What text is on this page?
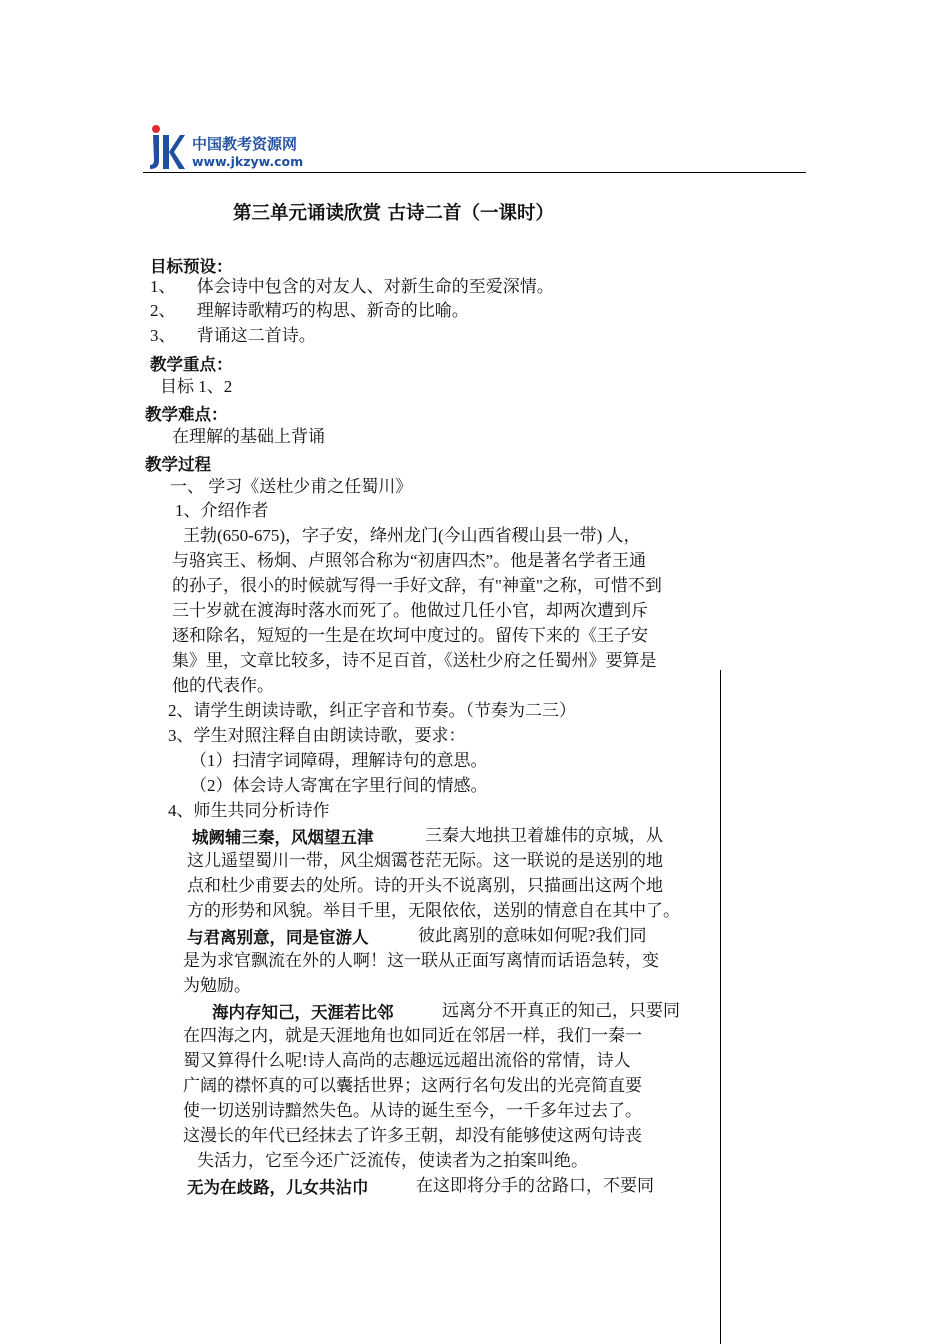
中国教考资源网
www.jkzyw.com
第三单元诵读欣赏 古诗二首（一课时）
目标预设：
1、     体会诗中包含的对友人、对新生命的至爱深情。
2、     理解诗歌精巧的构思、新奇的比喻。
3、     背诵这二首诗。
教学重点：
目标 1、2
教学难点：
在理解的基础上背诵
教学过程
一、 学习《送杜少甫之任蜀川》
1、介绍作者
王勃(650-675)，字子安，绛州龙门(今山西省稷山县一带) 人，
与骆宾王、杨炯、卢照邻合称为“初唐四杰”。他是著名学者王通
的孙子，很小的时候就写得一手好文辞，有"神童"之称，可惜不到
三十岁就在渡海时落水而死了。他做过几任小官，却两次遭到斥
逐和除名，短短的一生是在坎坷中度过的。留传下来的《王子安
集》里，文章比较多，诗不足百首，《送杜少府之任蜀州》要算是
他的代表作。
2、请学生朗读诗歌，纠正字音和节奏。（节奏为二三）
3、学生对照注释自由朗读诗歌，要求：
（1）扫清字词障碍，理解诗句的意思。
（2）体会诗人寄寓在字里行间的情感。
4、师生共同分析诗作
城阙辅三秦，风烟望五津	三秦大地拱卫着雄伟的京城，从
这儿遥望蜀川一带，风尘烟霭苍茫无际。这一联说的是送别的地
点和杜少甫要去的处所。诗的开头不说离别，只描画出这两个地
方的形势和风貌。举目千里，无限依依，送别的情意自在其中了。
与君离别意，同是宦游人	彼此离别的意味如何呢?我们同
是为求官飘流在外的人啊！这一联从正面写离情而话语急转，变
为勉励。
海内存知己，天涯若比邻	远离分不开真正的知己，只要同
在四海之内，就是天涯地角也如同近在邻居一样，我们一秦一
蜀又算得什么呢!诗人高尚的志趣远远超出流俗的常情，诗人
广阔的襟怀真的可以囊括世界；这两行名句发出的光亮简直要
使一切送别诗黯然失色。从诗的诞生至今，一千多年过去了。
这漫长的年代已经抹去了许多王朝，却没有能够使这两句诗丧
失活力，它至今还广泛流传，使读者为之拍案叫绝。
无为在歧路，儿女共沾巾	在这即将分手的岔路口，不要同
